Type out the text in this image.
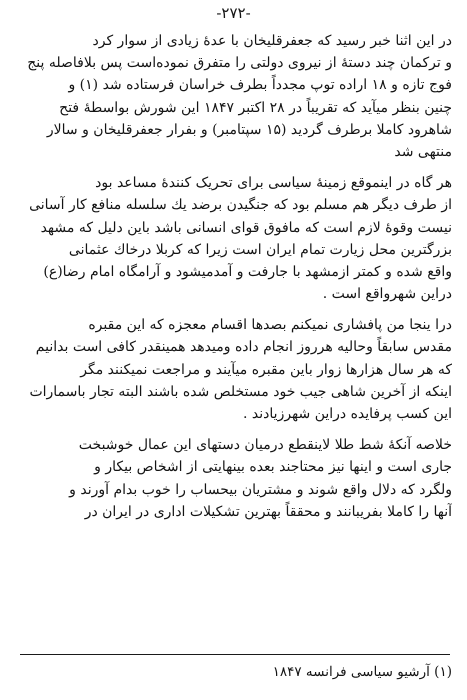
-۲۷۲-
در این اثنا خبر رسید که جعفرقلیخان با عدهٔ زیادی از سوار کرد
و ترکمان چند دستهٔ از نیروی دولتی را متفرق نموده‌است پس بلافاصله پنج
فوج تازه و ۱۸ اراده توپ مجدداً بطرف خراسان فرستاده شد (۱) و
چنین بنظر میآید که تقریباً در ۲۸ اکتبر ۱۸۴۷ این شورش بواسطهٔ فتح
شاهرود کاملا برطرف گردید (۱۵ سپتامبر) و بفرار جعفرقلیخان و سالار
منتهی شد
هر گاه در اینموقع زمینهٔ سیاسی برای تحریک کنندهٔ مساعد بود
از طرف دیگر هم مسلم بود که جنگیدن برضد یك سلسله منافع کار آسانی
نیست وقوهٔ لازم است که مافوق قوای انسانی باشد باین دلیل که مشهد
بزرگترین محل زیارت تمام ایران است زیرا که کربلا درخاك عثمانی
واقع شده و کمتر ازمشهد با جارفت و آمدمیشود و آرامگاه امام رضا(ع)
دراین شهرواقع است .
درا ینجا من پافشاری نمیکنم بصدها اقسام معجزه که این مقبره
مقدس سابقاً وحالیه هرروز انجام داده ومیدهد همینقدر کافی است بدانیم
که هر سال هزارها زوار باین مقبره میآیند و مراجعت نمیکنند مگر
اینکه از آخرین شاهی جیب خود مستخلص شده باشند البته تجار باسمارات
این کسب پرفایده دراین شهرزیادند .
خلاصه آنکهٔ شط طلا لاینقطع درمیان دستهای این عمال خوشبخت
جاری است و اینها نیز محتاجند بعده بینهایتی از اشخاص بیکار و
ولگرد که دلال واقع شوند و مشتریان بیحساب را خوب بدام آورند و
آنها را کاملا بفریبانند و محققاً بهترین تشکیلات اداری در ایران در
(۱) آرشیو سیاسی فرانسه ۱۸۴۷
